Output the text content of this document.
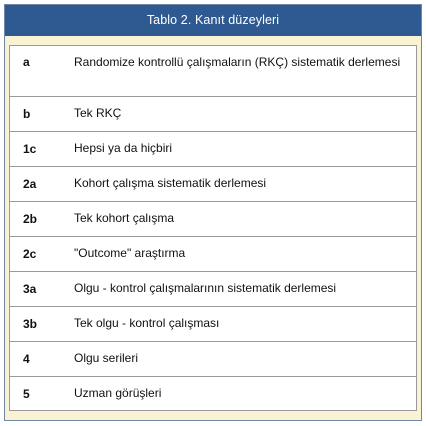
Tablo 2. Kanıt düzeyleri
a	Randomize kontrollü çalışmaların (RKÇ) sistematik derlemesi
b	Tek RKÇ
1c	Hepsi ya da hiçbiri
2a	Kohort çalışma sistematik derlemesi
2b	Tek kohort çalışma
2c	"Outcome" araştırma
3a	Olgu - kontrol çalışmalarının sistematik derlemesi
3b	Tek olgu - kontrol çalışması
4	Olgu serileri
5	Uzman görüşleri
